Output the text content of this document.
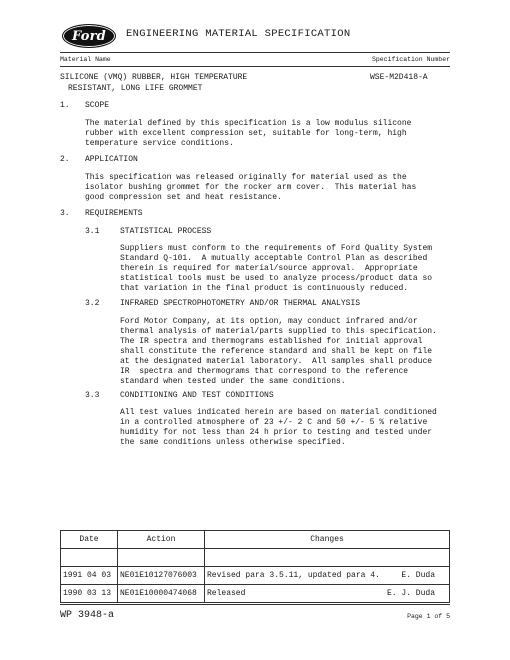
Ford ENGINEERING MATERIAL SPECIFICATION
Material Name	Specification Number
SILICONE (VMQ) RUBBER, HIGH TEMPERATURE
RESISTANT, LONG LIFE GROMMET
WSE-M2D418-A
1. SCOPE
The material defined by this specification is a low modulus silicone
rubber with excellent compression set, suitable for long-term, high
temperature service conditions.
2. APPLICATION
This specification was released originally for material used as the
isolator bushing grommet for the rocker arm cover.  This material has
good compression set and heat resistance.
3. REQUIREMENTS
3.1	STATISTICAL PROCESS
Suppliers must conform to the requirements of Ford Quality System
Standard Q-101.  A mutually acceptable Control Plan as described
therein is required for material/source approval.  Appropriate
statistical tools must be used to analyze process/product data so
that variation in the final product is continuously reduced.
3.2	INFRARED SPECTROPHOTOMETRY AND/OR THERMAL ANALYSIS
Ford Motor Company, at its option, may conduct infrared and/or
thermal analysis of material/parts supplied to this specification.
The IR spectra and thermograms established for initial approval
shall constitute the reference standard and shall be kept on file
at the designated material laboratory.  All samples shall produce
IR  spectra and thermograms that correspond to the reference
standard when tested under the same conditions.
3.3	CONDITIONING AND TEST CONDITIONS
All test values indicated herein are based on material conditioned
in a controlled atmosphere of 23 +/- 2 C and 50 +/- 5 % relative
humidity for not less than 24 h prior to testing and tested under
the same conditions unless otherwise specified.
Date	Action	Changes

1991 04 03	NE01E10127076003	Revised para 3.5.11, updated para 4. E. Duda

1990 03 13	NE01E10000474068	Released E. J. Duda
WP 3948-a	Page 1 of 5
